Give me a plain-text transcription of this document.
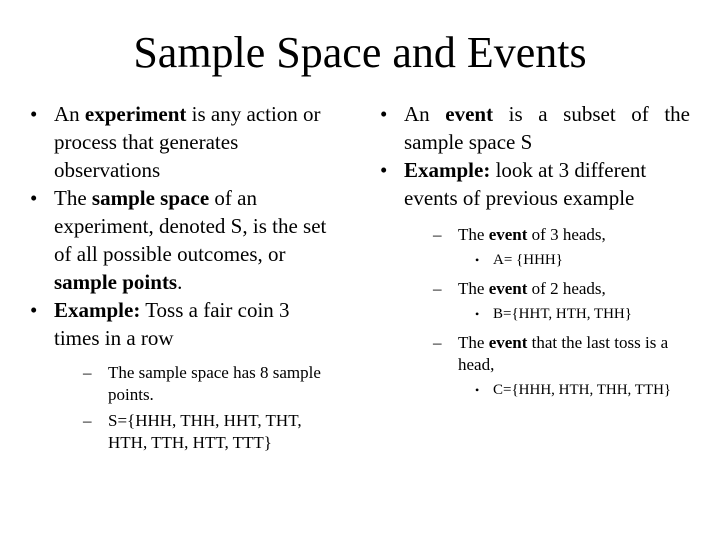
Sample Space and Events
• An experiment is any action or process that generates observations
• The sample space of an experiment, denoted S, is the set of all possible outcomes, or sample points.
• Example: Toss a fair coin 3 times in a row
– The sample space has 8 sample points.
– S={HHH, THH, HHT, THT, HTH, TTH, HTT, TTT}
• An event is a subset of the sample space S
• Example: look at 3 different events of previous example
– The event of 3 heads,
• A= {HHH}
– The event of 2 heads,
• B={HHT, HTH, THH}
– The event that the last toss is a head,
• C={HHH, HTH, THH, TTH}
